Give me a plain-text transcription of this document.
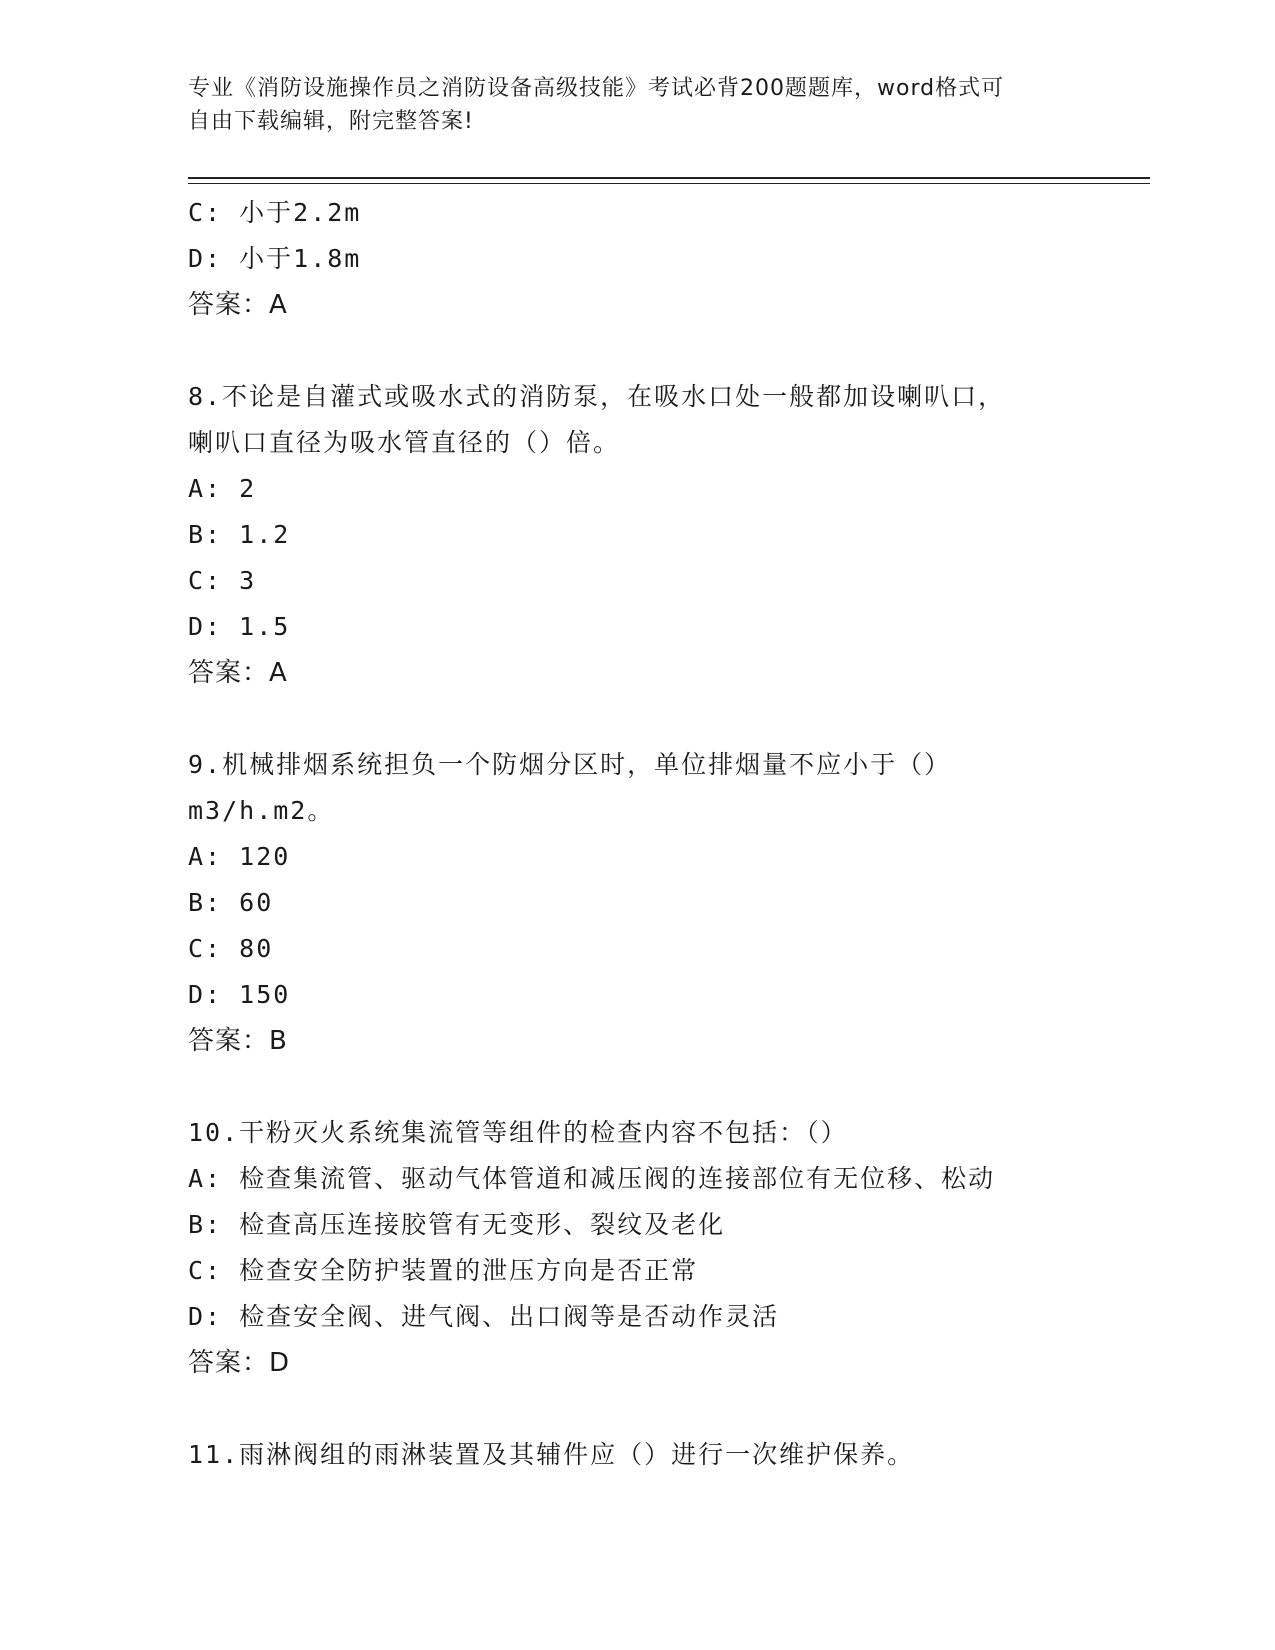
专业《消防设施操作员之消防设备高级技能》考试必背200题题库，word格式可
自由下载编辑，附完整答案!
C: 小于2.2m
D: 小于1.8m
答案：A
8.不论是自灌式或吸水式的消防泵，在吸水口处一般都加设喇叭口，
喇叭口直径为吸水管直径的（）倍。
A: 2
B: 1.2
C: 3
D: 1.5
答案：A
9.机械排烟系统担负一个防烟分区时，单位排烟量不应小于（）
m3/h.m2。
A: 120
B: 60
C: 80
D: 150
答案：B
10.干粉灭火系统集流管等组件的检查内容不包括：（）
A: 检查集流管、驱动气体管道和减压阀的连接部位有无位移、松动
B: 检查高压连接胶管有无变形、裂纹及老化
C: 检查安全防护装置的泄压方向是否正常
D: 检查安全阀、进气阀、出口阀等是否动作灵活
答案：D
11.雨淋阀组的雨淋装置及其辅件应（）进行一次维护保养。
